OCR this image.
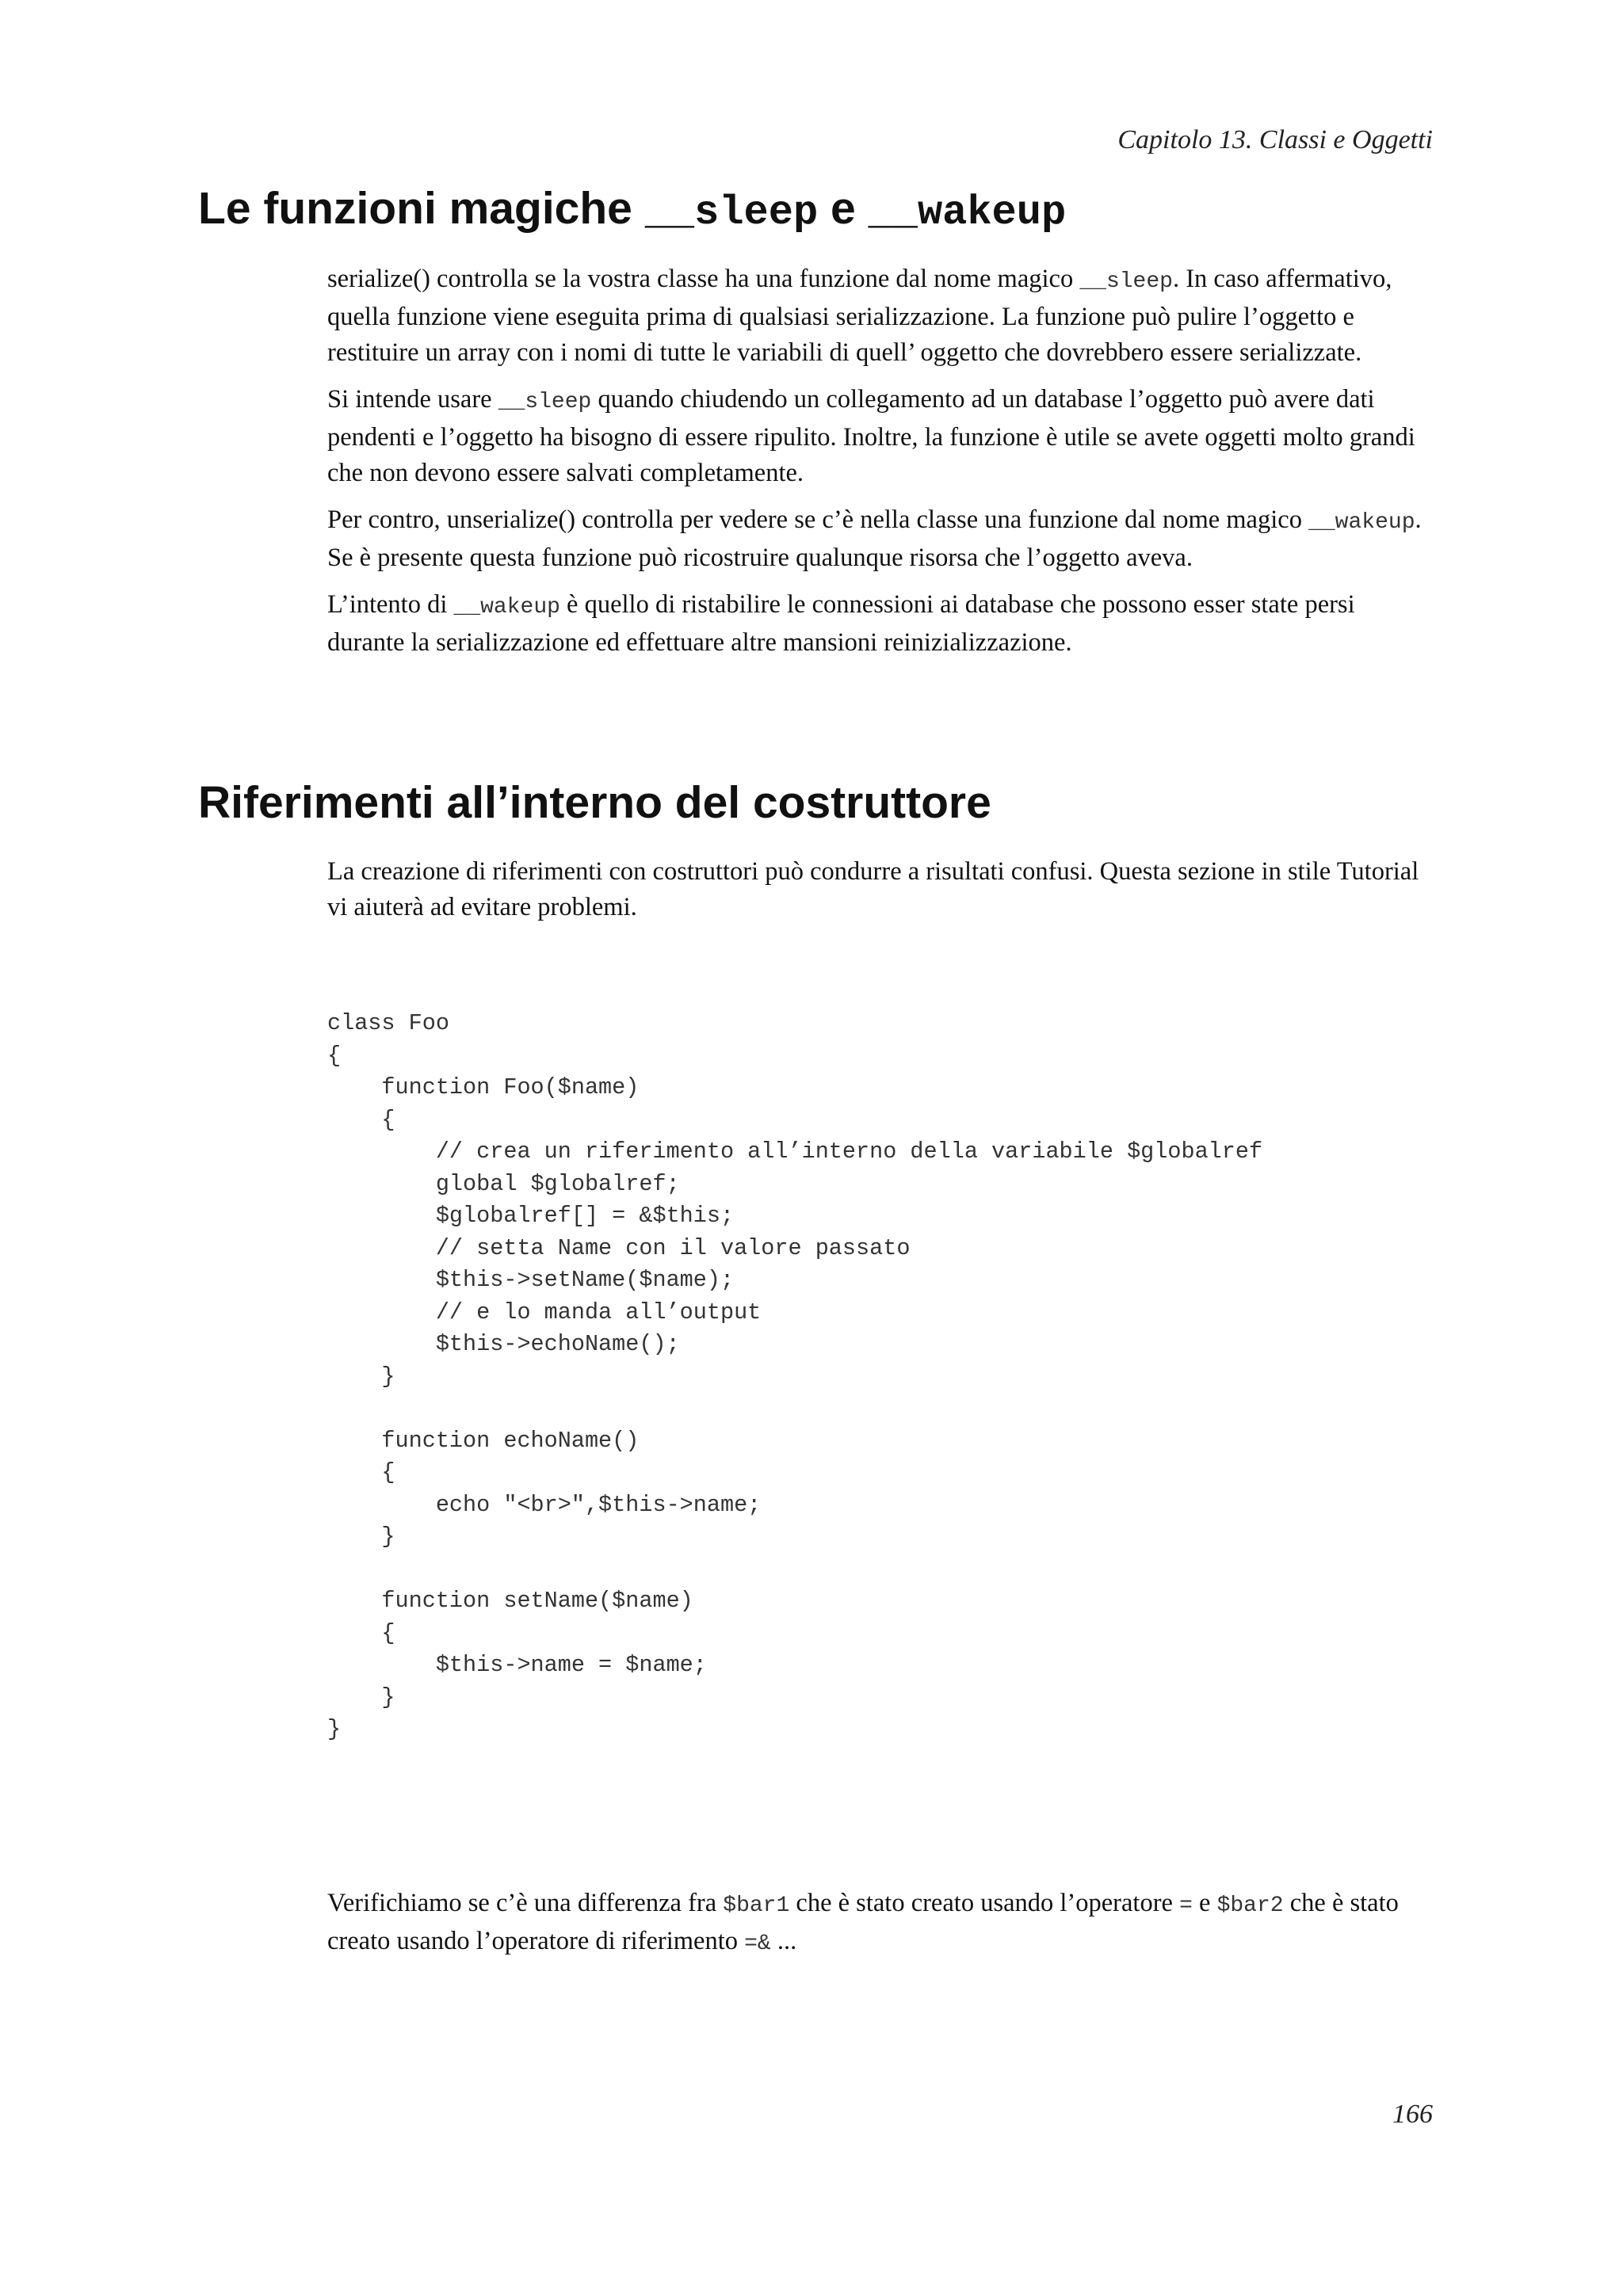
Capitolo 13. Classi e Oggetti
Le funzioni magiche __sleep e __wakeup

serialize() controlla se la vostra classe ha una funzione dal nome magico __sleep. In caso affermativo, quella funzione viene eseguita prima di qualsiasi serializzazione. La funzione può pulire l’oggetto e restituire un array con i nomi di tutte le variabili di quell’ oggetto che dovrebbero essere serializzate.

Si intende usare __sleep quando chiudendo un collegamento ad un database l’oggetto può avere dati pendenti e l’oggetto ha bisogno di essere ripulito. Inoltre, la funzione è utile se avete oggetti molto grandi che non devono essere salvati completamente.

Per contro, unserialize() controlla per vedere se c’è nella classe una funzione dal nome magico __wakeup. Se è presente questa funzione può ricostruire qualunque risorsa che l’oggetto aveva.

L’intento di __wakeup è quello di ristabilire le connessioni ai database che possono esser state persi durante la serializzazione ed effettuare altre mansioni reinizializzazione.

Riferimenti all’interno del costruttore

La creazione di riferimenti con costruttori può condurre a risultati confusi. Questa sezione in stile Tutorial vi aiuterà ad evitare problemi.

class Foo
{
function Foo($name)
{
// crea un riferimento all’interno della variabile $globalref
global $globalref;
$globalref[] = &$this;
// setta Name con il valore passato
$this->setName($name);
// e lo manda all’output
$this->echoName();
}

function echoName()
{
echo "<br>",$this->name;
}

function setName($name)
{
$this->name = $name;
}
}

Verifichiamo se c’è una differenza fra $bar1 che è stato creato usando l’operatore = e $bar2 che è stato creato usando l’operatore di riferimento =& ...

166
